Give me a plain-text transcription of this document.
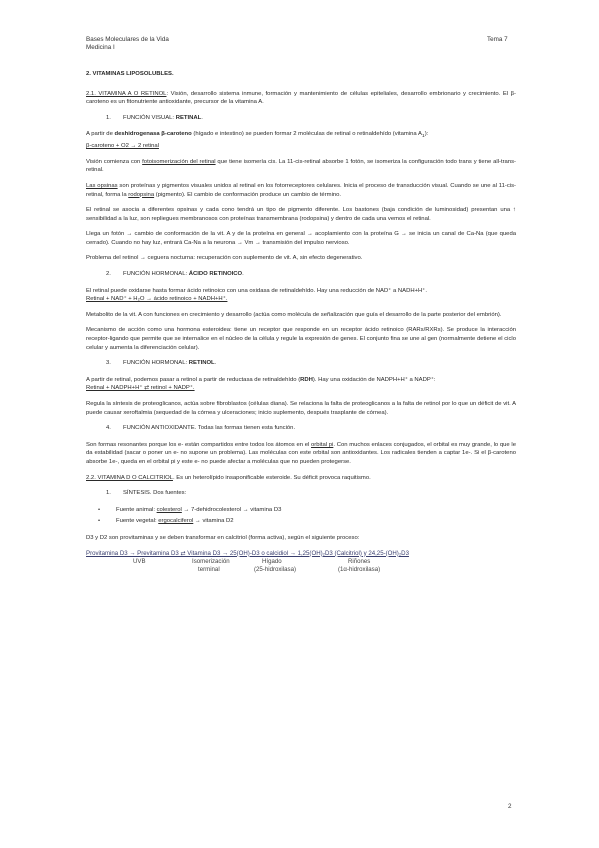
Bases Moleculares de la Vida
Medicina I
Tema 7

2. VITAMINAS LIPOSOLUBLES.

2.1. VITAMINA A O RETINOL: Visión, desarrollo sistema inmune, formación y mantenimiento de células epiteliales, desarrollo embrionario y crecimiento. El β-caroteno es un fitonutriente antioxidante, precursor de la vitamina A.

1. FUNCIÓN VISUAL: RETINAL.

A partir de deshidrogenasa β-caroteno (hígado e intestino) se pueden formar 2 moléculas de retinal o retinaldehído (vitamina $A_1$):
β-caroteno + O2 → 2 retinal

Visión comienza con fotoisomerización del retinal que tiene isomería cis. La 11-cis-retinal absorbe 1 fotón, se isomeriza la configuración todo trans y tiene all-trans-retinal.

Las opsinas son proteínas y pigmentos visuales unidos al retinal en los fotorreceptores celulares. Inicia el proceso de transducción visual. Cuando se une al 11-cis-retinal, forma la rodopsina (pigmento). El cambio de conformación produce un cambio de término.

El retinal se asocia a diferentes opsinas y cada cono tendrá un tipo de pigmento diferente. Los bastones (baja condición de luminosidad) presentan una ↑ sensibilidad a la luz, son repliegues membranosos con proteínas transmembrana (rodopsina) y dentro de cada una vemos el retinal.

Llega un fotón → cambio de conformación de la vit. A y de la proteína en general → acoplamiento con la proteína G → se inicia un canal de Ca-Na (que queda cerrado). Cuando no hay luz, entrará Ca-Na a la neurona → Vm → transmisión del impulso nervioso.

Problema del retinol → ceguera nocturna: recuperación con suplemento de vit. A, sin efecto degenerativo.

2. FUNCIÓN HORMONAL: ÁCIDO RETINOICO.

El retinal puede oxidarse hasta formar ácido retinoico con una oxidasa de retinaldehído. Hay una reducción de NAD⁺ a NADH+H⁺.
Retinal + NAD⁺ + H₂O → ácido retinoico + NADH+H⁺.

Metabolito de la vit. A con funciones en crecimiento y desarrollo (actúa como molécula de señalización que guía el desarrollo de la parte posterior del embrión).

Mecanismo de acción como una hormona esteroidea: tiene un receptor que responde en un receptor ácido retinoico (RARs/RXRs). Se produce la interacción receptor-ligando que permite que se internalice en el núcleo de la célula y regule la expresión de genes. El conjunto fina se une al gen (normalmente detiene el ciclo celular y aumenta la diferenciación celular).

3. FUNCIÓN HORMONAL: RETINOL.

A partir de retinal, podemos pasar a retinol a partir de reductasa de retinaldehído (RDH). Hay una oxidación de NADPH+H⁺ a NADP⁺:
Retinal + NADPH+H⁺ ⇄ retinol + NADP⁺.

Regula la síntesis de proteoglicanos, actúa sobre fibroblastos (células diana). Se relaciona la falta de proteoglicanos a la falta de retinol por lo que un déficit de vit. A puede causar xeroftalmia (sequedad de la córnea y ulceraciones; inicio suplemento, después trasplante de córnea).

4. FUNCIÓN ANTIOXIDANTE. Todas las formas tienen esta función.

Son formas resonantes porque los e- están compartidos entre todos los átomos en el orbital pi. Con muchos enlaces conjugados, el orbital es muy grande, lo que le da estabilidad (sacar o poner un e- no supone un problema). Las moléculas con este orbital son antioxidantes. Los radicales tienden a captar 1e-. Si el β-caroteno absorbe 1e-, queda en el orbital pi y este e- no puede afectar a moléculas que no pueden protegerse.

2.2. VITAMINA D O CALCITRIOL. Es un heterolípido insaponificable esteroide. Su déficit provoca raquitismo.

1. SÍNTESIS. Dos fuentes:

•	Fuente animal: colesterol → 7-dehidrocolesterol → vitamina D3

•	Fuente vegetal: ergocalciferol → vitamina D2

D3 y D2 son provitaminas y se deben transformar en calcitriol (forma activa), según el siguiente proceso:

Provitamina D3 → Previtamina D3 ⇄ Vitamina D3 → 25(OH)-D3 o calcidiol → 1,25(OH)₂D3 (Calcitriol) y 24,25-(OH)₂D3
UVB	Isomerización	Hígado	Riñones
terminal	(25-hidroxilasa)	(1α-hidroxilasa)
2
